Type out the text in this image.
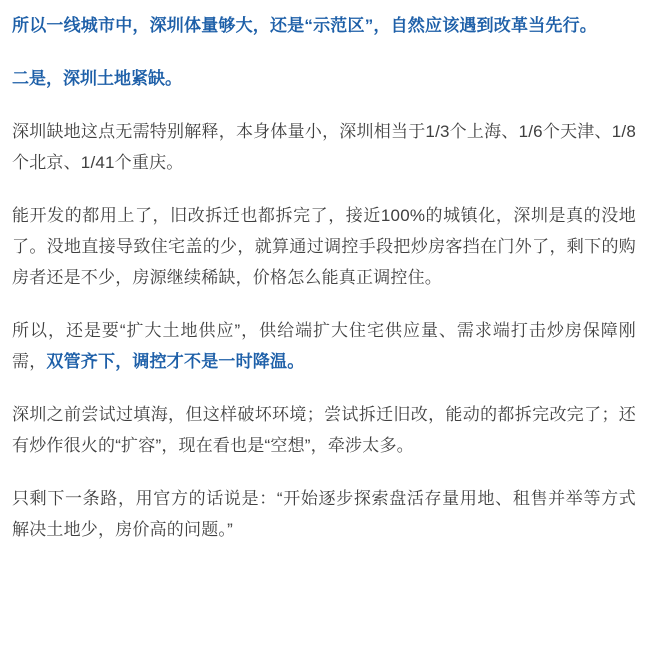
所以一线城市中，深圳体量够大，还是“示范区”，自然应该遇到改革当先行。

二是，深圳土地紧缺。

深圳缺地这点无需特别解释，本身体量小，深圳相当于1/3个上海、1/6个天津、1/8个北京、1/41个重庆。

能开发的都用上了，旧改拆迁也都拆完了，接近100%的城镇化，深圳是真的没地了。没地直接导致住宅盖的少，就算通过调控手段把炒房客挡在门外了，剩下的购房者还是不少，房源继续稀缺，价格怎么能真正调控住。

所以，还是要“扩大土地供应”，供给端扩大住宅供应量、需求端打击炒房保障刚需，双管齐下，调控才不是一时降温。

深圳之前尝试过填海，但这样破坏环境；尝试拆迁旧改，能动的都拆完改完了；还有炒作很火的“扩容”，现在看也是“空想”，牵涉太多。

只剩下一条路，用官方的话说是：“开始逐步探索盘活存量用地、租售并举等方式解决土地少，房价高的问题。”
